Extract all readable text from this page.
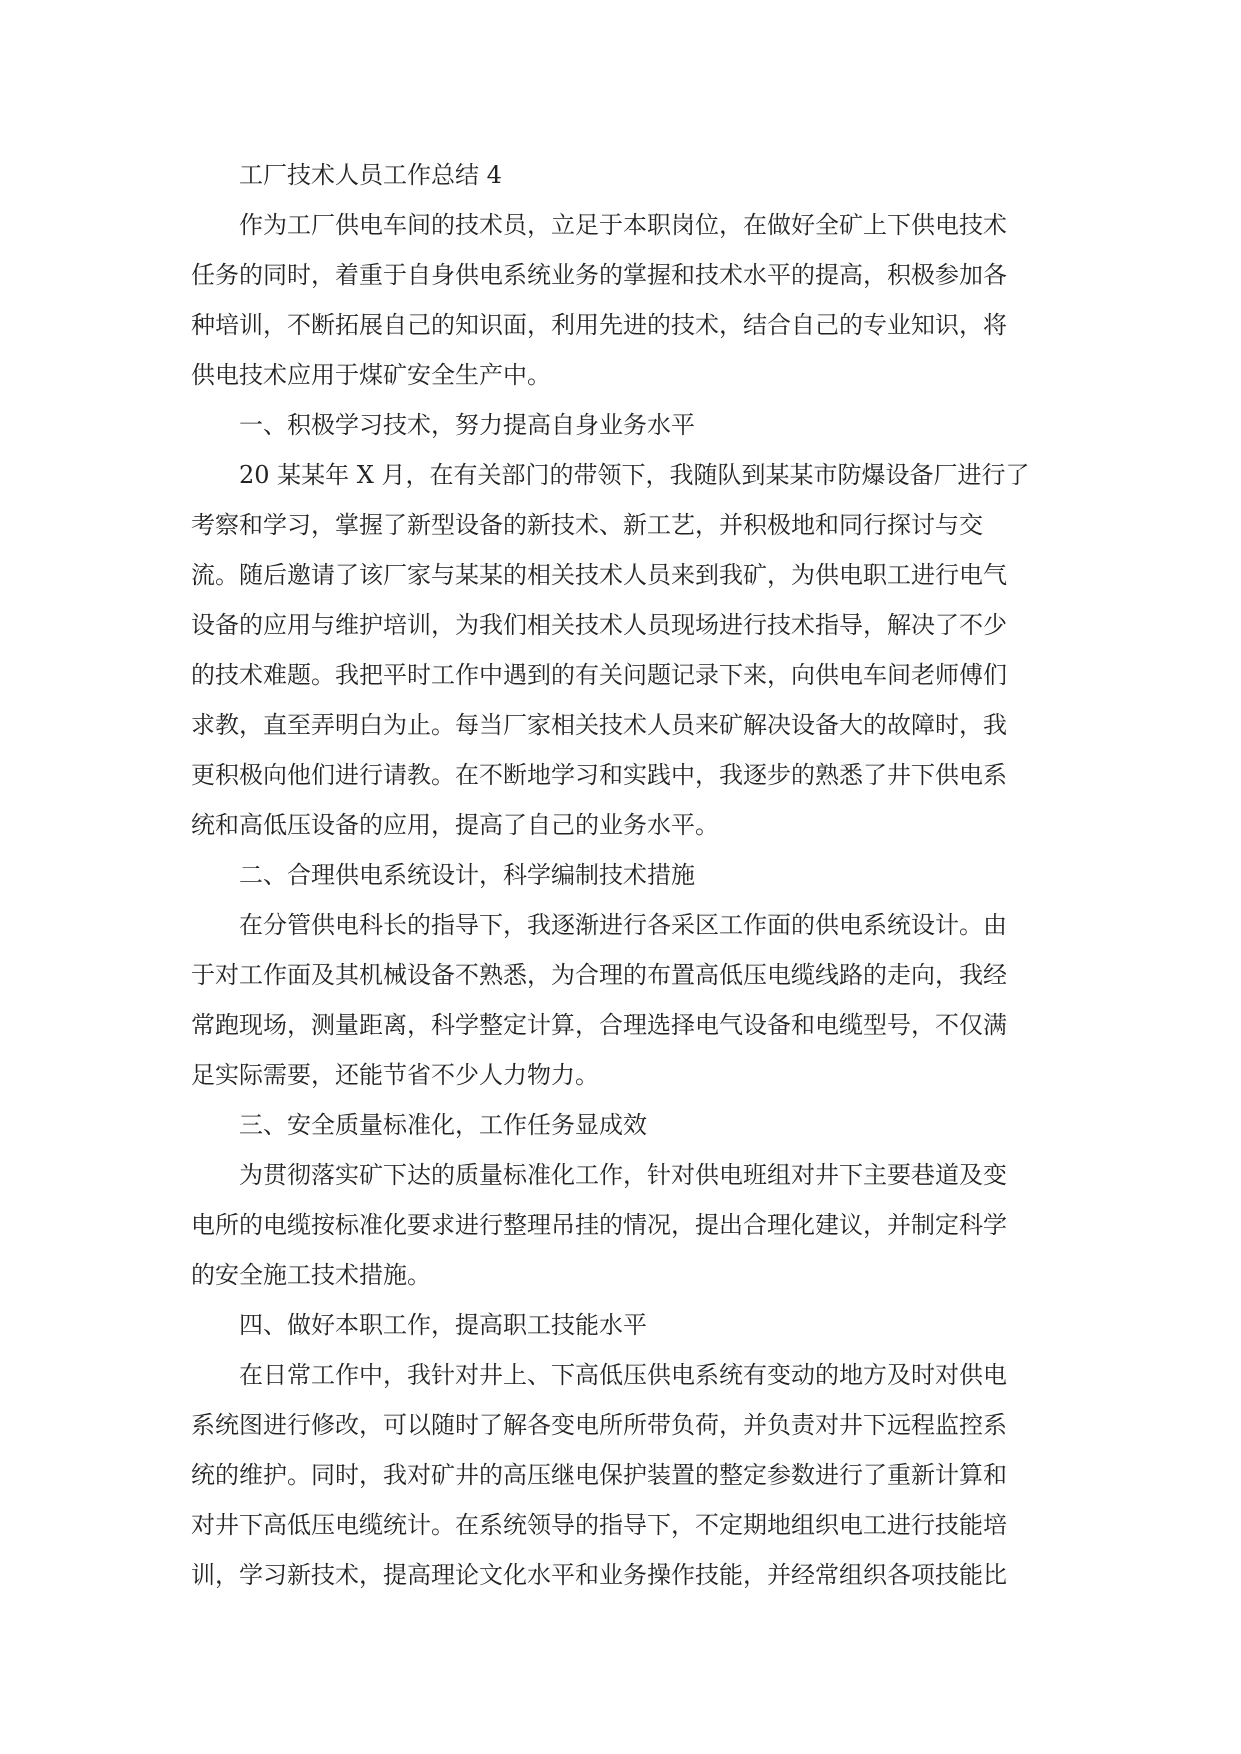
工厂技术人员工作总结 4
作为工厂供电车间的技术员，立足于本职岗位，在做好全矿上下供电技术
任务的同时，着重于自身供电系统业务的掌握和技术水平的提高，积极参加各
种培训，不断拓展自己的知识面，利用先进的技术，结合自己的专业知识，将
供电技术应用于煤矿安全生产中。
一、积极学习技术，努力提高自身业务水平
20 某某年 X 月，在有关部门的带领下，我随队到某某市防爆设备厂进行了
考察和学习，掌握了新型设备的新技术、新工艺，并积极地和同行探讨与交
流。随后邀请了该厂家与某某的相关技术人员来到我矿，为供电职工进行电气
设备的应用与维护培训，为我们相关技术人员现场进行技术指导，解决了不少
的技术难题。我把平时工作中遇到的有关问题记录下来，向供电车间老师傅们
求教，直至弄明白为止。每当厂家相关技术人员来矿解决设备大的故障时，我
更积极向他们进行请教。在不断地学习和实践中，我逐步的熟悉了井下供电系
统和高低压设备的应用，提高了自己的业务水平。
二、合理供电系统设计，科学编制技术措施
在分管供电科长的指导下，我逐渐进行各采区工作面的供电系统设计。由
于对工作面及其机械设备不熟悉，为合理的布置高低压电缆线路的走向，我经
常跑现场，测量距离，科学整定计算，合理选择电气设备和电缆型号，不仅满
足实际需要，还能节省不少人力物力。
三、安全质量标准化，工作任务显成效
为贯彻落实矿下达的质量标准化工作，针对供电班组对井下主要巷道及变
电所的电缆按标准化要求进行整理吊挂的情况，提出合理化建议，并制定科学
的安全施工技术措施。
四、做好本职工作，提高职工技能水平
在日常工作中，我针对井上、下高低压供电系统有变动的地方及时对供电
系统图进行修改，可以随时了解各变电所所带负荷，并负责对井下远程监控系
统的维护。同时，我对矿井的高压继电保护装置的整定参数进行了重新计算和
对井下高低压电缆统计。在系统领导的指导下，不定期地组织电工进行技能培
训，学习新技术，提高理论文化水平和业务操作技能，并经常组织各项技能比
